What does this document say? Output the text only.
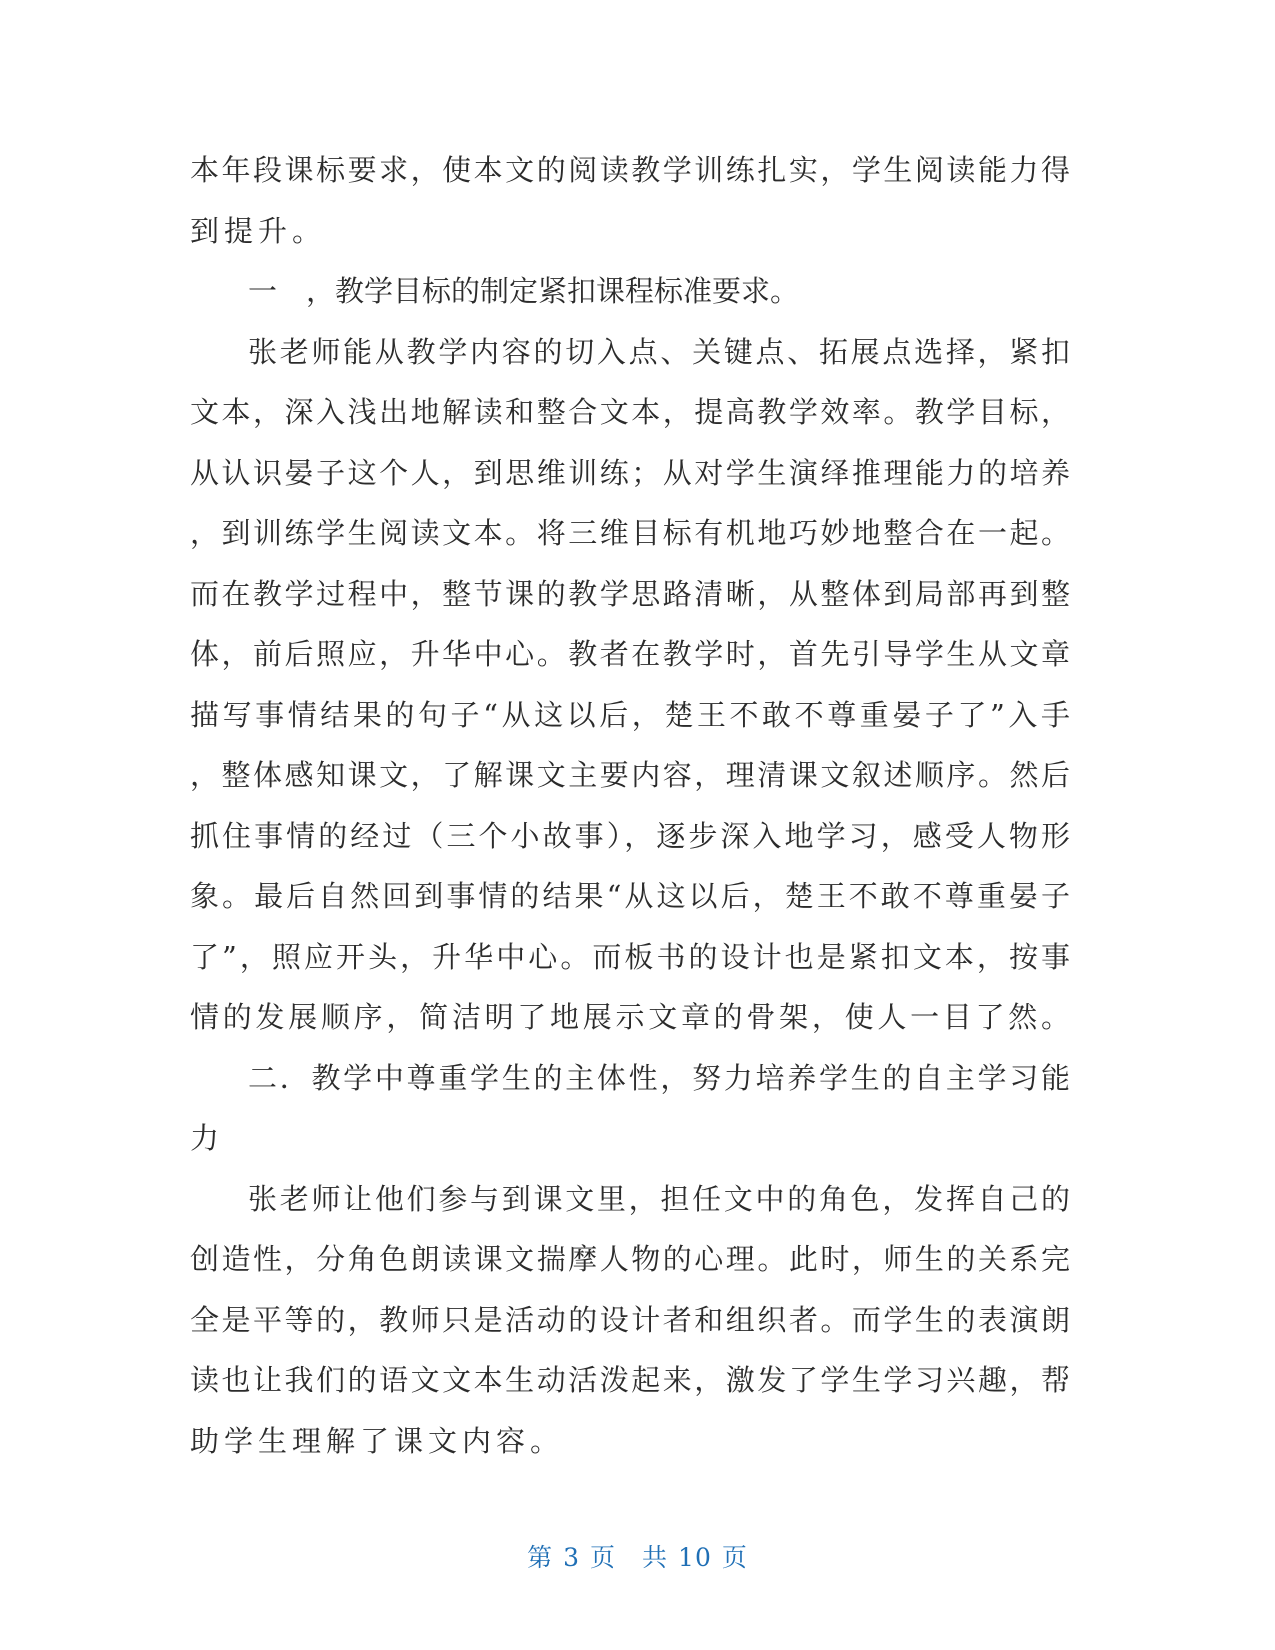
本年段课标要求，使本文的阅读教学训练扎实，学生阅读能力得
到提升。
一　，教学目标的制定紧扣课程标准要求。
张老师能从教学内容的切入点、关键点、拓展点选择，紧扣
文本，深入浅出地解读和整合文本，提高教学效率。教学目标，
从认识晏子这个人，到思维训练；从对学生演绎推理能力的培养
，到训练学生阅读文本。将三维目标有机地巧妙地整合在一起。
而在教学过程中，整节课的教学思路清晰，从整体到局部再到整
体，前后照应，升华中心。教者在教学时，首先引导学生从文章
描写事情结果的句子“从这以后，楚王不敢不尊重晏子了”入手
，整体感知课文，了解课文主要内容，理清课文叙述顺序。然后
抓住事情的经过（三个小故事），逐步深入地学习，感受人物形
象。最后自然回到事情的结果“从这以后，楚王不敢不尊重晏子
了”，照应开头，升华中心。而板书的设计也是紧扣文本，按事
情的发展顺序，简洁明了地展示文章的骨架，使人一目了然。
二．教学中尊重学生的主体性，努力培养学生的自主学习能
力
张老师让他们参与到课文里，担任文中的角色，发挥自己的
创造性，分角色朗读课文揣摩人物的心理。此时，师生的关系完
全是平等的，教师只是活动的设计者和组织者。而学生的表演朗
读也让我们的语文文本生动活泼起来，激发了学生学习兴趣，帮
助学生理解了课文内容。
第 3 页　共 10 页
